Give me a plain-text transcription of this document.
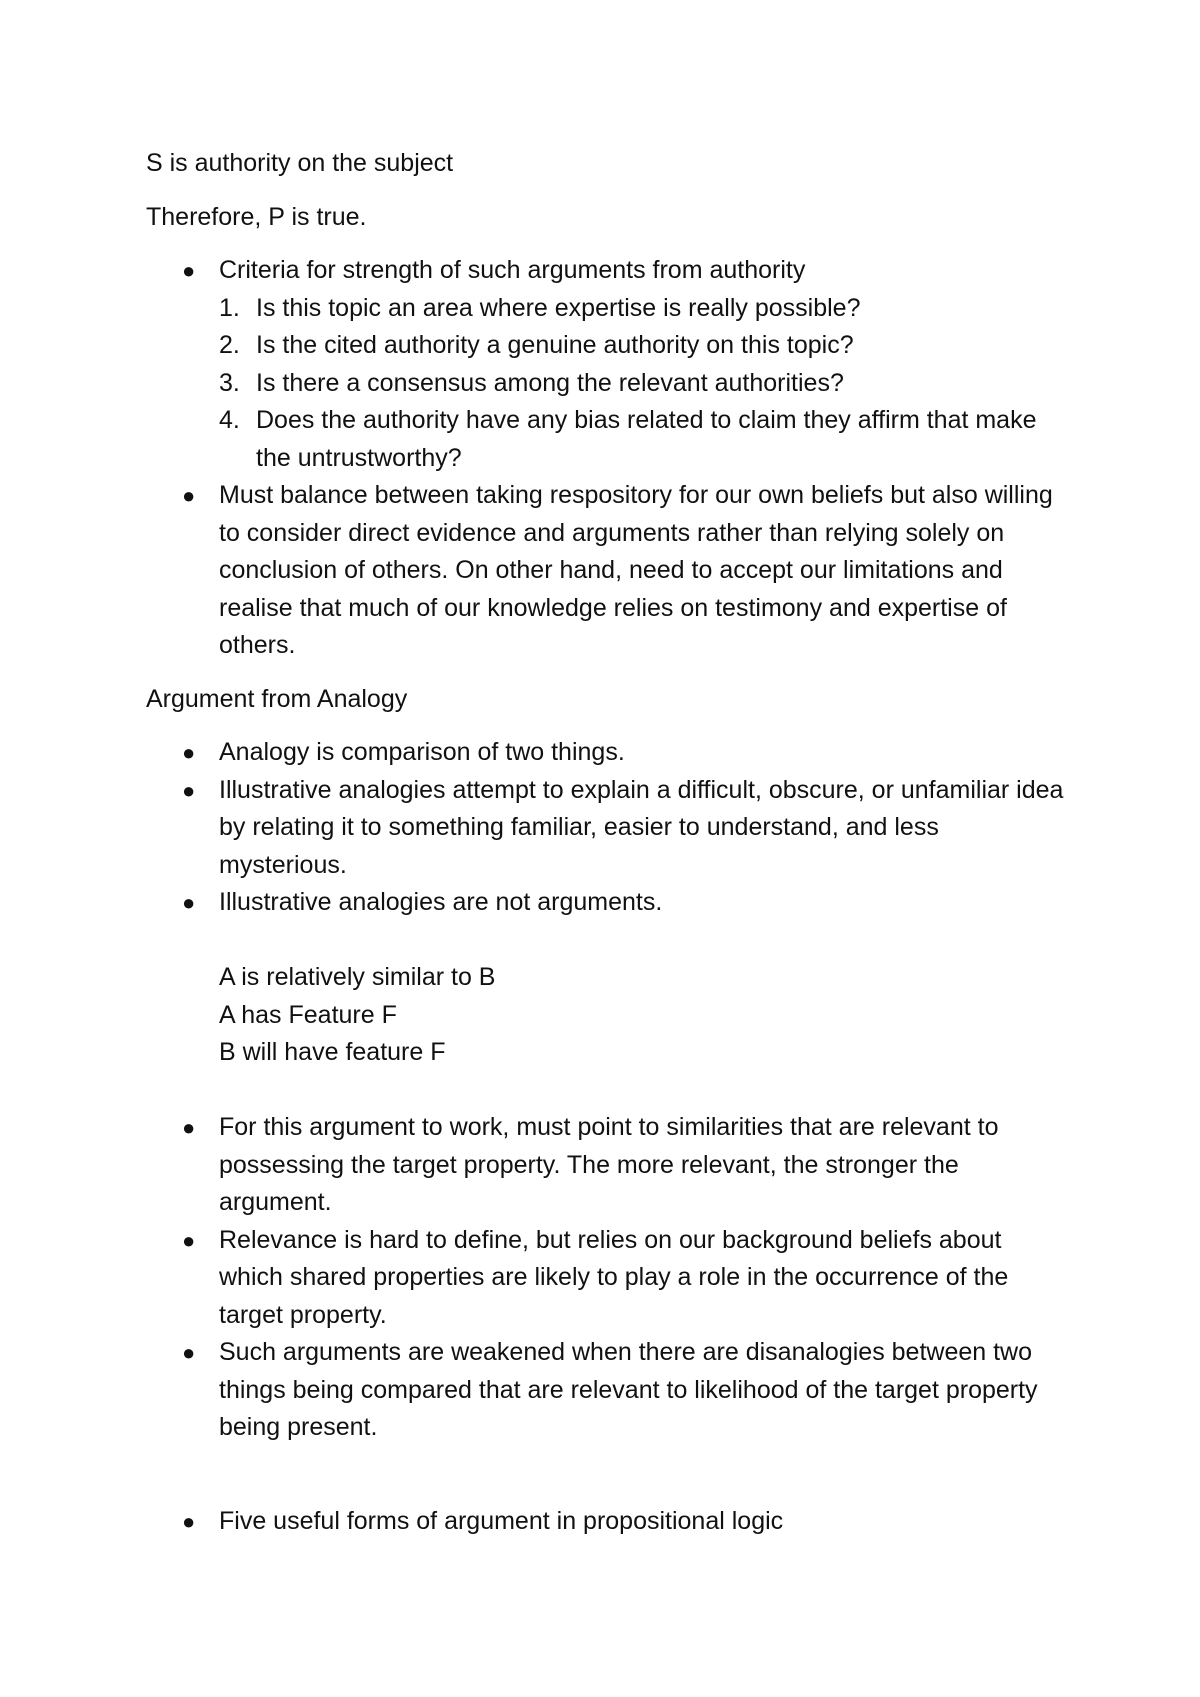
S is authority on the subject

Therefore, P is true.

● Criteria for strength of such arguments from authority
1. Is this topic an area where expertise is really possible?
2. Is the cited authority a genuine authority on this topic?
3. Is there a consensus among the relevant authorities?
4. Does the authority have any bias related to claim they affirm that make the untrustworthy?
● Must balance between taking respository for our own beliefs but also willing to consider direct evidence and arguments rather than relying solely on conclusion of others. On other hand, need to accept our limitations and realise that much of our knowledge relies on testimony and expertise of others.

Argument from Analogy

● Analogy is comparison of two things.
● Illustrative analogies attempt to explain a difficult, obscure, or unfamiliar idea by relating it to something familiar, easier to understand, and less mysterious.
● Illustrative analogies are not arguments.
A is relatively similar to B
A has Feature F
B will have feature F
● For this argument to work, must point to similarities that are relevant to possessing the target property. The more relevant, the stronger the argument.
● Relevance is hard to define, but relies on our background beliefs about which shared properties are likely to play a role in the occurrence of the target property.
● Such arguments are weakened when there are disanalogies between two things being compared that are relevant to likelihood of the target property being present.
● Five useful forms of argument in propositional logic
